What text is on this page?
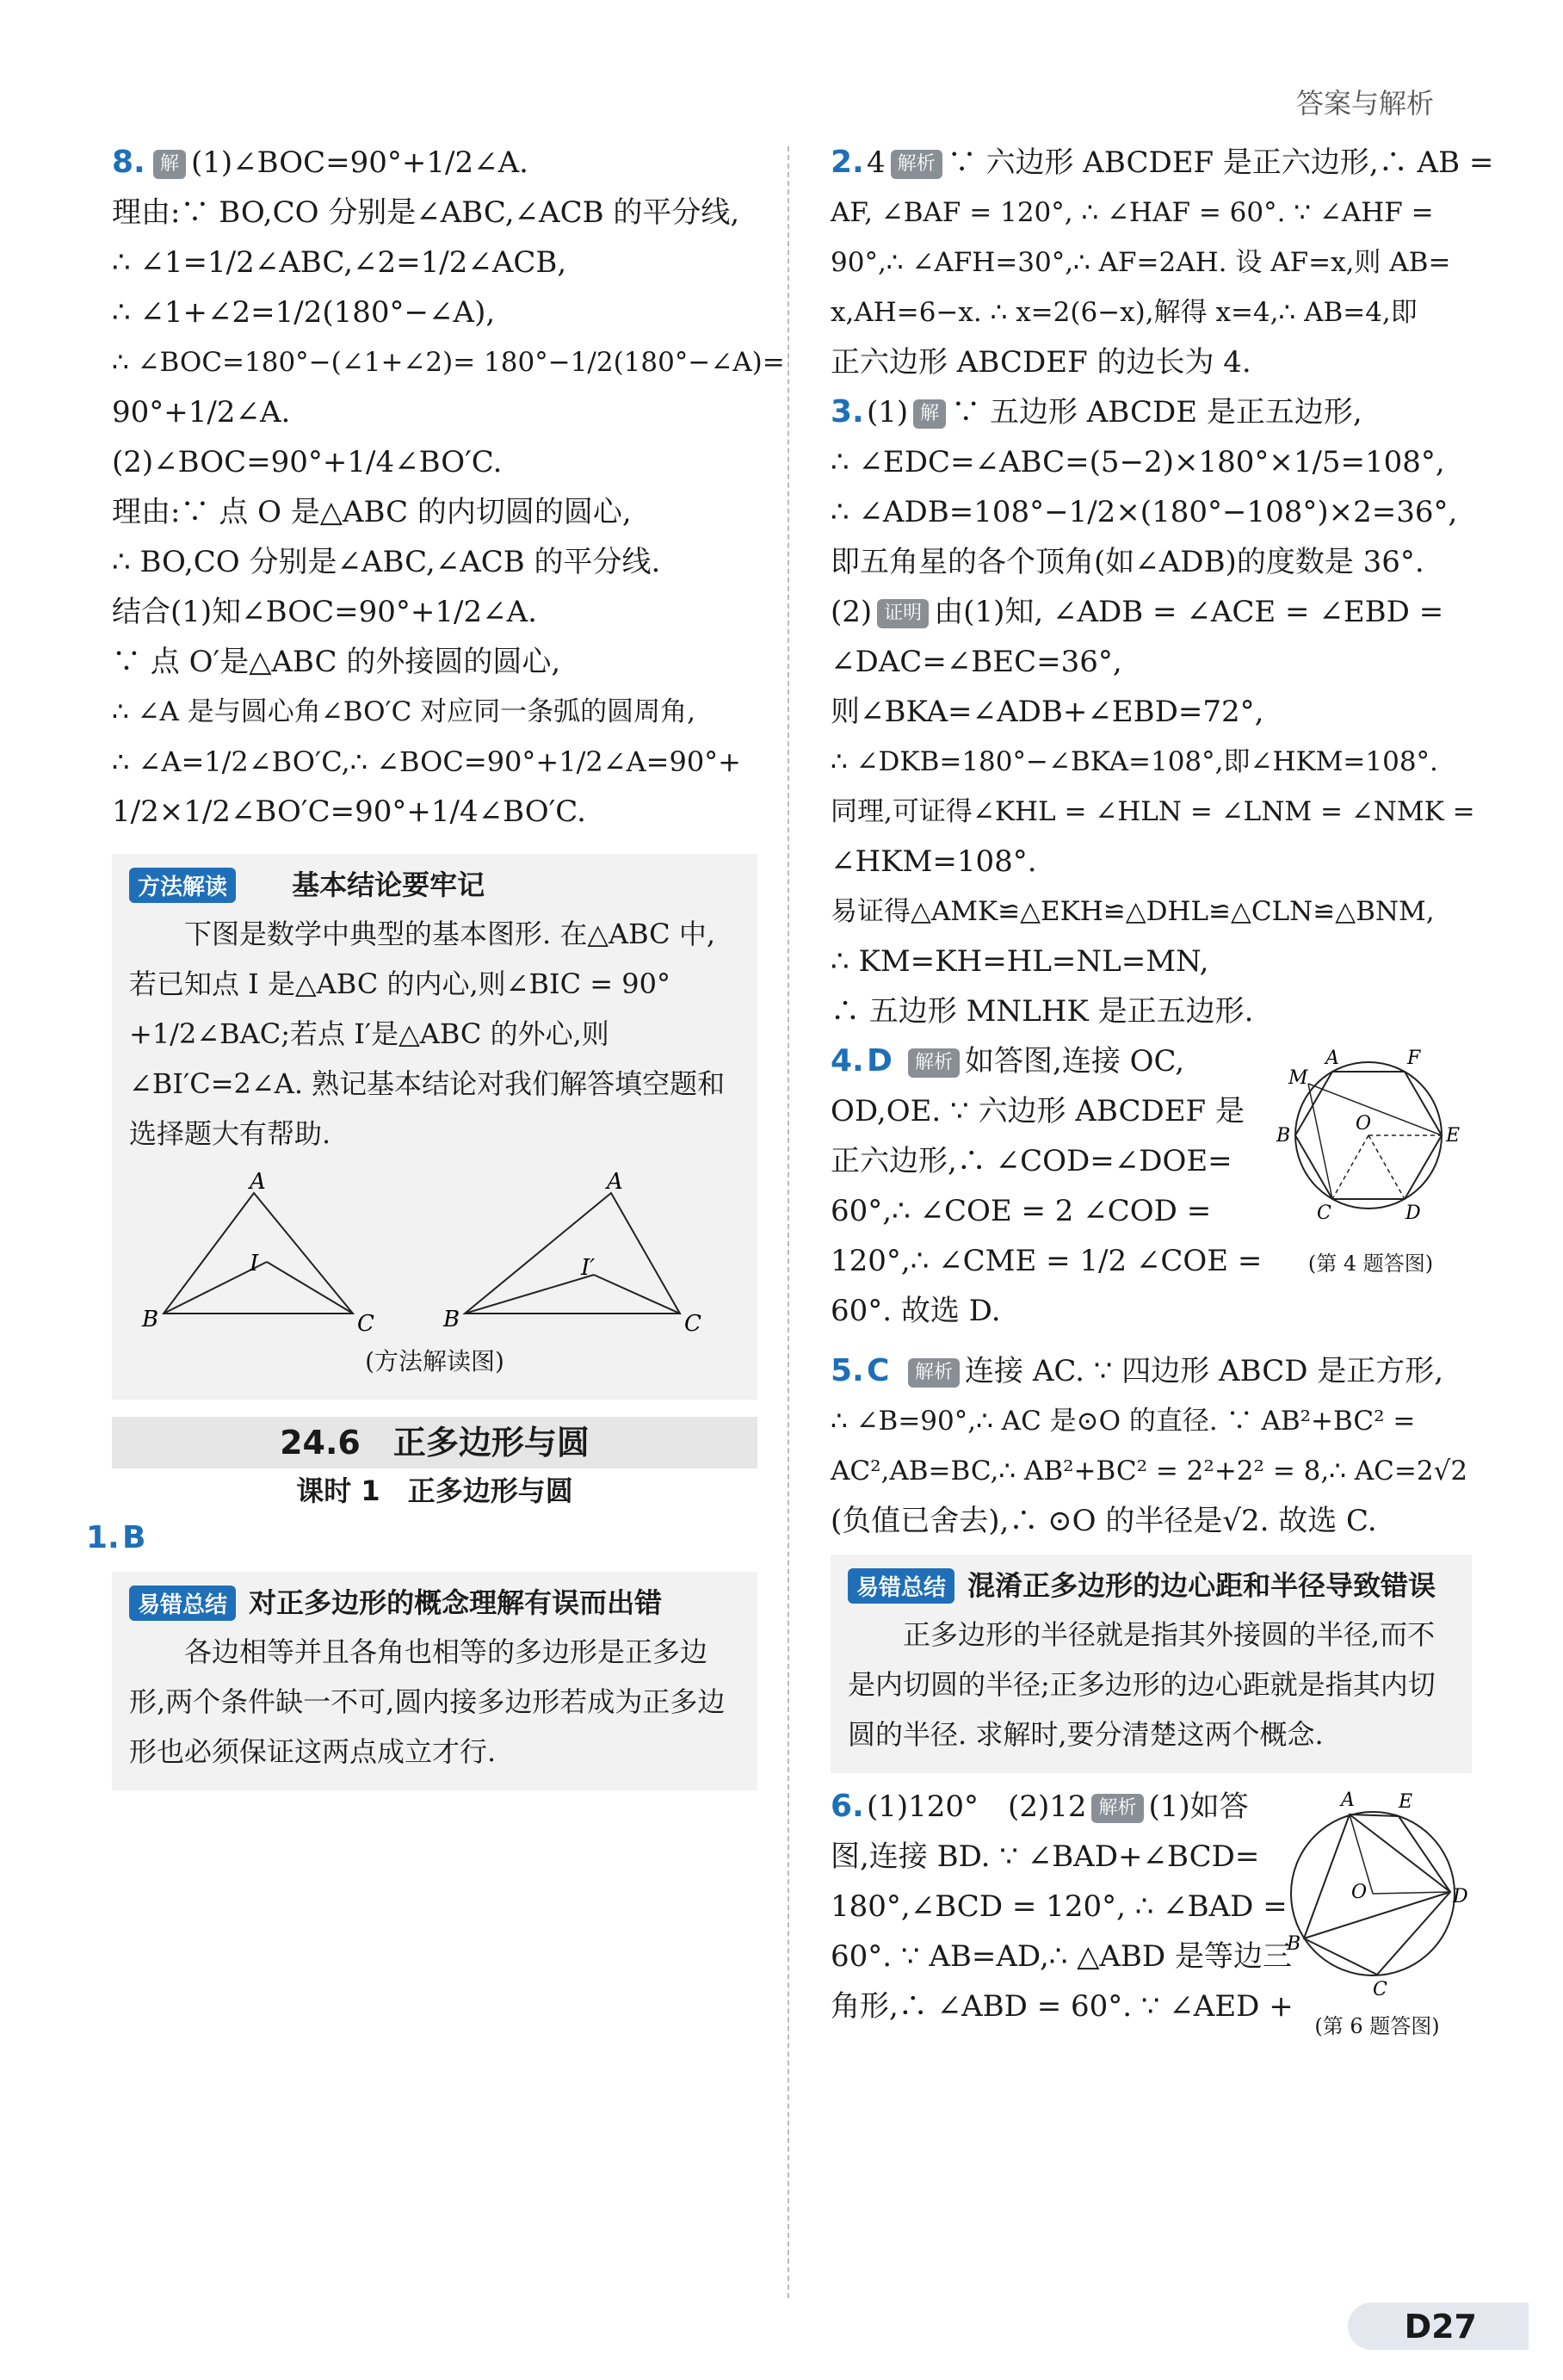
答案与解析
8. 解 (1)∠BOC=90°+1/2∠A.
理由:∵ BO,CO 分别是∠ABC,∠ACB 的平分线,
∴ ∠1=1/2∠ABC,∠2=1/2∠ACB,
∴ ∠1+∠2=1/2(180°−∠A),
∴ ∠BOC=180°−(∠1+∠2)= 180°−1/2(180°−∠A)=
90°+1/2∠A.
(2)∠BOC=90°+1/4∠BO′C.
理由:∵ 点 O 是△ABC 的内切圆的圆心,
∴ BO,CO 分别是∠ABC,∠ACB 的平分线.
结合(1)知∠BOC=90°+1/2∠A.
∵ 点 O′是△ABC 的外接圆的圆心,
∴ ∠A 是与圆心角∠BO′C 对应同一条弧的圆周角,
∴ ∠A=1/2∠BO′C,∴ ∠BOC=90°+1/2∠A=90°+
1/2×1/2∠BO′C=90°+1/4∠BO′C.
方法解读 基本结论要牢记
下图是数学中典型的基本图形. 在△ABC 中,若已知点 I 是△ABC 的内心,则∠BIC = 90°+1/2∠BAC;若点 I′是△ABC 的外心,则∠BI′C=2∠A. 熟记基本结论对我们解答填空题和选择题大有帮助.
A
B	C
I
A
B	C
I′
(方法解读图)
24.6　正多边形与圆
课时 1　正多边形与圆
1.B
易错总结 对正多边形的概念理解有误而出错
各边相等并且各角也相等的多边形是正多边形,两个条件缺一不可,圆内接多边形若成为正多边形也必须保证这两点成立才行.
2.4 解析 ∵ 六边形 ABCDEF 是正六边形,∴ AB =
AF, ∠BAF = 120°, ∴ ∠HAF = 60°. ∵ ∠AHF =
90°,∴ ∠AFH=30°,∴ AF=2AH. 设 AF=x,则 AB=
x,AH=6−x. ∴ x=2(6−x),解得 x=4,∴ AB=4,即
正六边形 ABCDEF 的边长为 4.
3.(1) 解 ∵ 五边形 ABCDE 是正五边形,
∴ ∠EDC=∠ABC=(5−2)×180°×1/5=108°,
∴ ∠ADB=108°−1/2×(180°−108°)×2=36°,
即五角星的各个顶角(如∠ADB)的度数是 36°.
(2) 证明 由(1)知, ∠ADB = ∠ACE = ∠EBD =
∠DAC=∠BEC=36°,
则∠BKA=∠ADB+∠EBD=72°,
∴ ∠DKB=180°−∠BKA=108°,即∠HKM=108°.
同理,可证得∠KHL = ∠HLN = ∠LNM = ∠NMK =
∠HKM=108°.
易证得△AMK≌△EKH≌△DHL≌△CLN≌△BNM,
∴ KM=KH=HL=NL=MN,
∴ 五边形 MNLHK 是正五边形.
4.D 解析 如答图,连接 OC,
OD,OE. ∵ 六边形 ABCDEF 是
正六边形,∴ ∠COD=∠DOE=
60°,∴ ∠COE = 2 ∠COD =
120°,∴ ∠CME = 1/2 ∠COE =
60°. 故选 D.
A	F
M
B
O
E
C	D
(第 4 题答图)
5.C 解析 连接 AC. ∵ 四边形 ABCD 是正方形,
∴ ∠B=90°,∴ AC 是⊙O 的直径. ∵ AB²+BC² =
AC²,AB=BC,∴ AB²+BC² = 2²+2² = 8,∴ AC=2√2
(负值已舍去),∴ ⊙O 的半径是√2. 故选 C.
易错总结 混淆正多边形的边心距和半径导致错误
正多边形的半径就是指其外接圆的半径,而不是内切圆的半径;正多边形的边心距就是指其内切圆的半径. 求解时,要分清楚这两个概念.
6.(1)120°　(2)12 解析 (1)如答
图,连接 BD. ∵ ∠BAD+∠BCD=
180°,∠BCD = 120°, ∴ ∠BAD =
60°. ∵ AB=AD,∴ △ABD 是等边三
角形,∴ ∠ABD = 60°. ∵ ∠AED +
A E
O	D
B
C
(第 6 题答图)
D27
